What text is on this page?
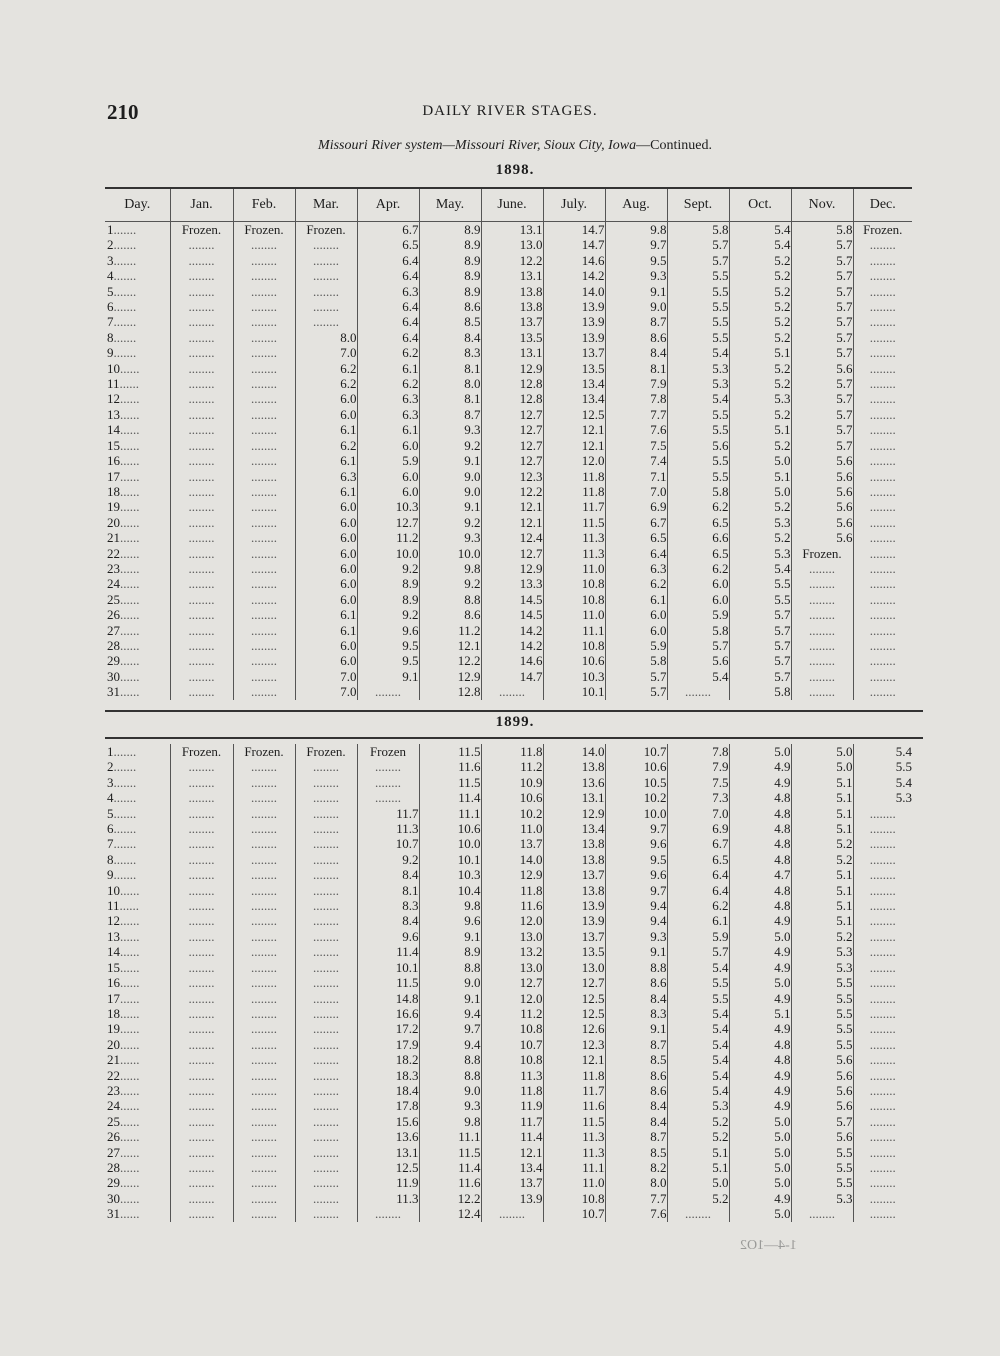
210	DAILY RIVER STAGES.
Missouri River system—Missouri River, Sioux City, Iowa—Continued.
1898.
Day.	Jan.	Feb.	Mar.	Apr.	May.	June.	July.	Aug.	Sept.	Oct.	Nov.	Dec.
1.......	Frozen.	Frozen.	Frozen.	6.7	8.9	13.1	14.7	9.8	5.8	5.4	5.8	Frozen.
2.......	........	........	........	6.5	8.9	13.0	14.7	9.7	5.7	5.4	5.7	........
3.......	........	........	........	6.4	8.9	12.2	14.6	9.5	5.7	5.2	5.7	........
4.......	........	........	........	6.4	8.9	13.1	14.2	9.3	5.5	5.2	5.7	........
5.......	........	........	........	6.3	8.9	13.8	14.0	9.1	5.5	5.2	5.7	........
6.......	........	........	........	6.4	8.6	13.8	13.9	9.0	5.5	5.2	5.7	........
7.......	........	........	........	6.4	8.5	13.7	13.9	8.7	5.5	5.2	5.7	........
8.......	........	........	8.0	6.4	8.4	13.5	13.9	8.6	5.5	5.2	5.7	........
9.......	........	........	7.0	6.2	8.3	13.1	13.7	8.4	5.4	5.1	5.7	........
10......	........	........	6.2	6.1	8.1	12.9	13.5	8.1	5.3	5.2	5.6	........
11......	........	........	6.2	6.2	8.0	12.8	13.4	7.9	5.3	5.2	5.7	........
12......	........	........	6.0	6.3	8.1	12.8	13.4	7.8	5.4	5.3	5.7	........
13......	........	........	6.0	6.3	8.7	12.7	12.5	7.7	5.5	5.2	5.7	........
14......	........	........	6.1	6.1	9.3	12.7	12.1	7.6	5.5	5.1	5.7	........
15......	........	........	6.2	6.0	9.2	12.7	12.1	7.5	5.6	5.2	5.7	........
16......	........	........	6.1	5.9	9.1	12.7	12.0	7.4	5.5	5.0	5.6	........
17......	........	........	6.3	6.0	9.0	12.3	11.8	7.1	5.5	5.1	5.6	........
18......	........	........	6.1	6.0	9.0	12.2	11.8	7.0	5.8	5.0	5.6	........
19......	........	........	6.0	10.3	9.1	12.1	11.7	6.9	6.2	5.2	5.6	........
20......	........	........	6.0	12.7	9.2	12.1	11.5	6.7	6.5	5.3	5.6	........
21......	........	........	6.0	11.2	9.3	12.4	11.3	6.5	6.6	5.2	5.6	........
22......	........	........	6.0	10.0	10.0	12.7	11.3	6.4	6.5	5.3	Frozen.	........
23......	........	........	6.0	9.2	9.8	12.9	11.0	6.3	6.2	5.4	........	........
24......	........	........	6.0	8.9	9.2	13.3	10.8	6.2	6.0	5.5	........	........
25......	........	........	6.0	8.9	8.8	14.5	10.8	6.1	6.0	5.5	........	........
26......	........	........	6.1	9.2	8.6	14.5	11.0	6.0	5.9	5.7	........	........
27......	........	........	6.1	9.6	11.2	14.2	11.1	6.0	5.8	5.7	........	........
28......	........	........	6.0	9.5	12.1	14.2	10.8	5.9	5.7	5.7	........	........
29......	........	........	6.0	9.5	12.2	14.6	10.6	5.8	5.6	5.7	........	........
30......	........	........	7.0	9.1	12.9	14.7	10.3	5.7	5.4	5.7	........	........
31......	........	........	7.0	........	12.8	........	10.1	5.7	........	5.8	........	........
1899.
1.......	Frozen.	Frozen.	Frozen.	Frozen	11.5	11.8	14.0	10.7	7.8	5.0	5.0	5.4
2.......	........	........	........	........	11.6	11.2	13.8	10.6	7.9	4.9	5.0	5.5
3.......	........	........	........	........	11.5	10.9	13.6	10.5	7.5	4.9	5.1	5.4
4.......	........	........	........	........	11.4	10.6	13.1	10.2	7.3	4.8	5.1	5.3
5.......	........	........	........	11.7	11.1	10.2	12.9	10.0	7.0	4.8	5.1	........
6.......	........	........	........	11.3	10.6	11.0	13.4	9.7	6.9	4.8	5.1	........
7.......	........	........	........	10.7	10.0	13.7	13.8	9.6	6.7	4.8	5.2	........
8.......	........	........	........	9.2	10.1	14.0	13.8	9.5	6.5	4.8	5.2	........
9.......	........	........	........	8.4	10.3	12.9	13.7	9.6	6.4	4.7	5.1	........
10......	........	........	........	8.1	10.4	11.8	13.8	9.7	6.4	4.8	5.1	........
11......	........	........	........	8.3	9.8	11.6	13.9	9.4	6.2	4.8	5.1	........
12......	........	........	........	8.4	9.6	12.0	13.9	9.4	6.1	4.9	5.1	........
13......	........	........	........	9.6	9.1	13.0	13.7	9.3	5.9	5.0	5.2	........
14......	........	........	........	11.4	8.9	13.2	13.5	9.1	5.7	4.9	5.3	........
15......	........	........	........	10.1	8.8	13.0	13.0	8.8	5.4	4.9	5.3	........
16......	........	........	........	11.5	9.0	12.7	12.7	8.6	5.5	5.0	5.5	........
17......	........	........	........	14.8	9.1	12.0	12.5	8.4	5.5	4.9	5.5	........
18......	........	........	........	16.6	9.4	11.2	12.5	8.3	5.4	5.1	5.5	........
19......	........	........	........	17.2	9.7	10.8	12.6	9.1	5.4	4.9	5.5	........
20......	........	........	........	17.9	9.4	10.7	12.3	8.7	5.4	4.8	5.5	........
21......	........	........	........	18.2	8.8	10.8	12.1	8.5	5.4	4.8	5.6	........
22......	........	........	........	18.3	8.8	11.3	11.8	8.6	5.4	4.9	5.6	........
23......	........	........	........	18.4	9.0	11.8	11.7	8.6	5.4	4.9	5.6	........
24......	........	........	........	17.8	9.3	11.9	11.6	8.4	5.3	4.9	5.6	........
25......	........	........	........	15.6	9.8	11.7	11.5	8.4	5.2	5.0	5.7	........
26......	........	........	........	13.6	11.1	11.4	11.3	8.7	5.2	5.0	5.6	........
27......	........	........	........	13.1	11.5	12.1	11.3	8.5	5.1	5.0	5.5	........
28......	........	........	........	12.5	11.4	13.4	11.1	8.2	5.1	5.0	5.5	........
29......	........	........	........	11.9	11.6	13.7	11.0	8.0	5.0	5.0	5.5	........
30......	........	........	........	11.3	12.2	13.9	10.8	7.7	5.2	4.9	5.3	........
31......	........	........	........	........	12.4	........	10.7	7.6	........	5.0	........	........
1-4—1O2
